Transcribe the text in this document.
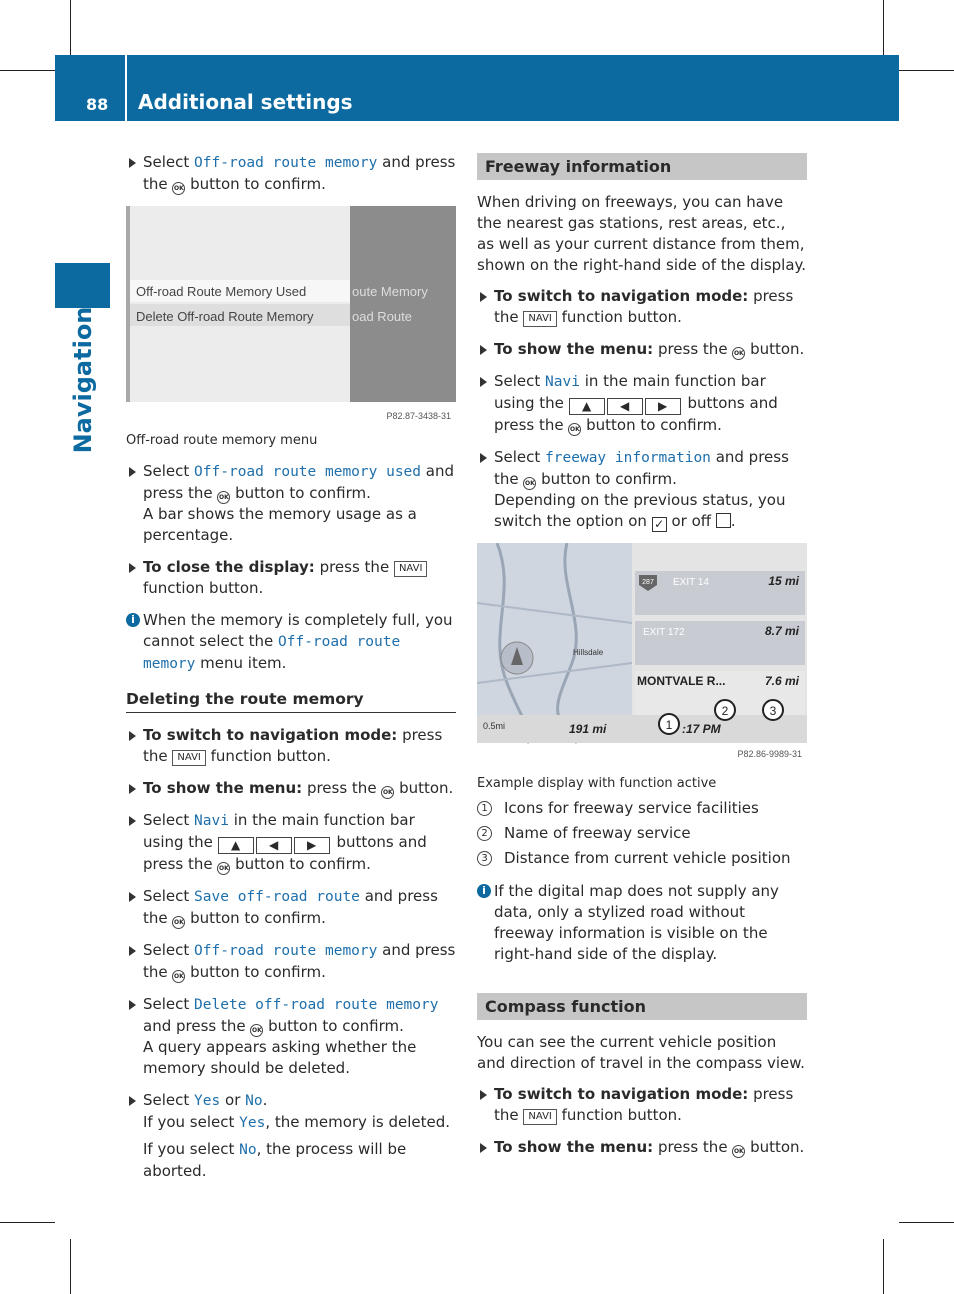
88 Additional settings
Navigation

Select Off-road route memory and press the OK button to confirm.

Off-road Route Memory Used
Delete Off-road Route Memory
oute Memory
oad Route
P82.87-3438-31
Off-road route memory menu

Select Off-road route memory used and press the OK button to confirm.

A bar shows the memory usage as a percentage.

To close the display: press the NAVI function button.

i When the memory is completely full, you cannot select the Off-road route memory menu item.
Deleting the route memory

To switch to navigation mode: press the NAVI function button.

To show the menu: press the OK button.

Select Navi in the main function bar using the ▲ ◀ ▶ buttons and press the OK button to confirm.

Select Save off-road route and press the OK button to confirm.

Select Off-road route memory and press the OK button to confirm.

Select Delete off-road route memory and press the OK button to confirm.

A query appears asking whether the memory should be deleted.

Select Yes or No.

If you select Yes, the memory is deleted.

If you select No, the process will be aborted.

Freeway information
When driving on freeways, you can have the nearest gas stations, rest areas, etc., as well as your current distance from them, shown on the right-hand side of the display.

To switch to navigation mode: press the NAVI function button.

To show the menu: press the OK button.

Select Navi in the main function bar using the ▲ ◀ ▶ buttons and press the OK button to confirm.

Select freeway information and press the OK button to confirm.

Depending on the previous status, you switch the option on ✓ or off .

287 EXIT 14	15 mi
EXIT 172	8.7 mi
MONTVALE R...	7.6 mi
Hillsdale
0.5mi	191 mi	:17 PM
1
2	3
P82.86-9989-31
Example display with function active
1 Icons for freeway service facilities
2 Name of freeway service
3 Distance from current vehicle position
i If the digital map does not supply any data, only a stylized road without freeway information is visible on the right-hand side of the display.
Compass function
You can see the current vehicle position and direction of travel in the compass view.

To switch to navigation mode: press the NAVI function button.

To show the menu: press the OK button.
